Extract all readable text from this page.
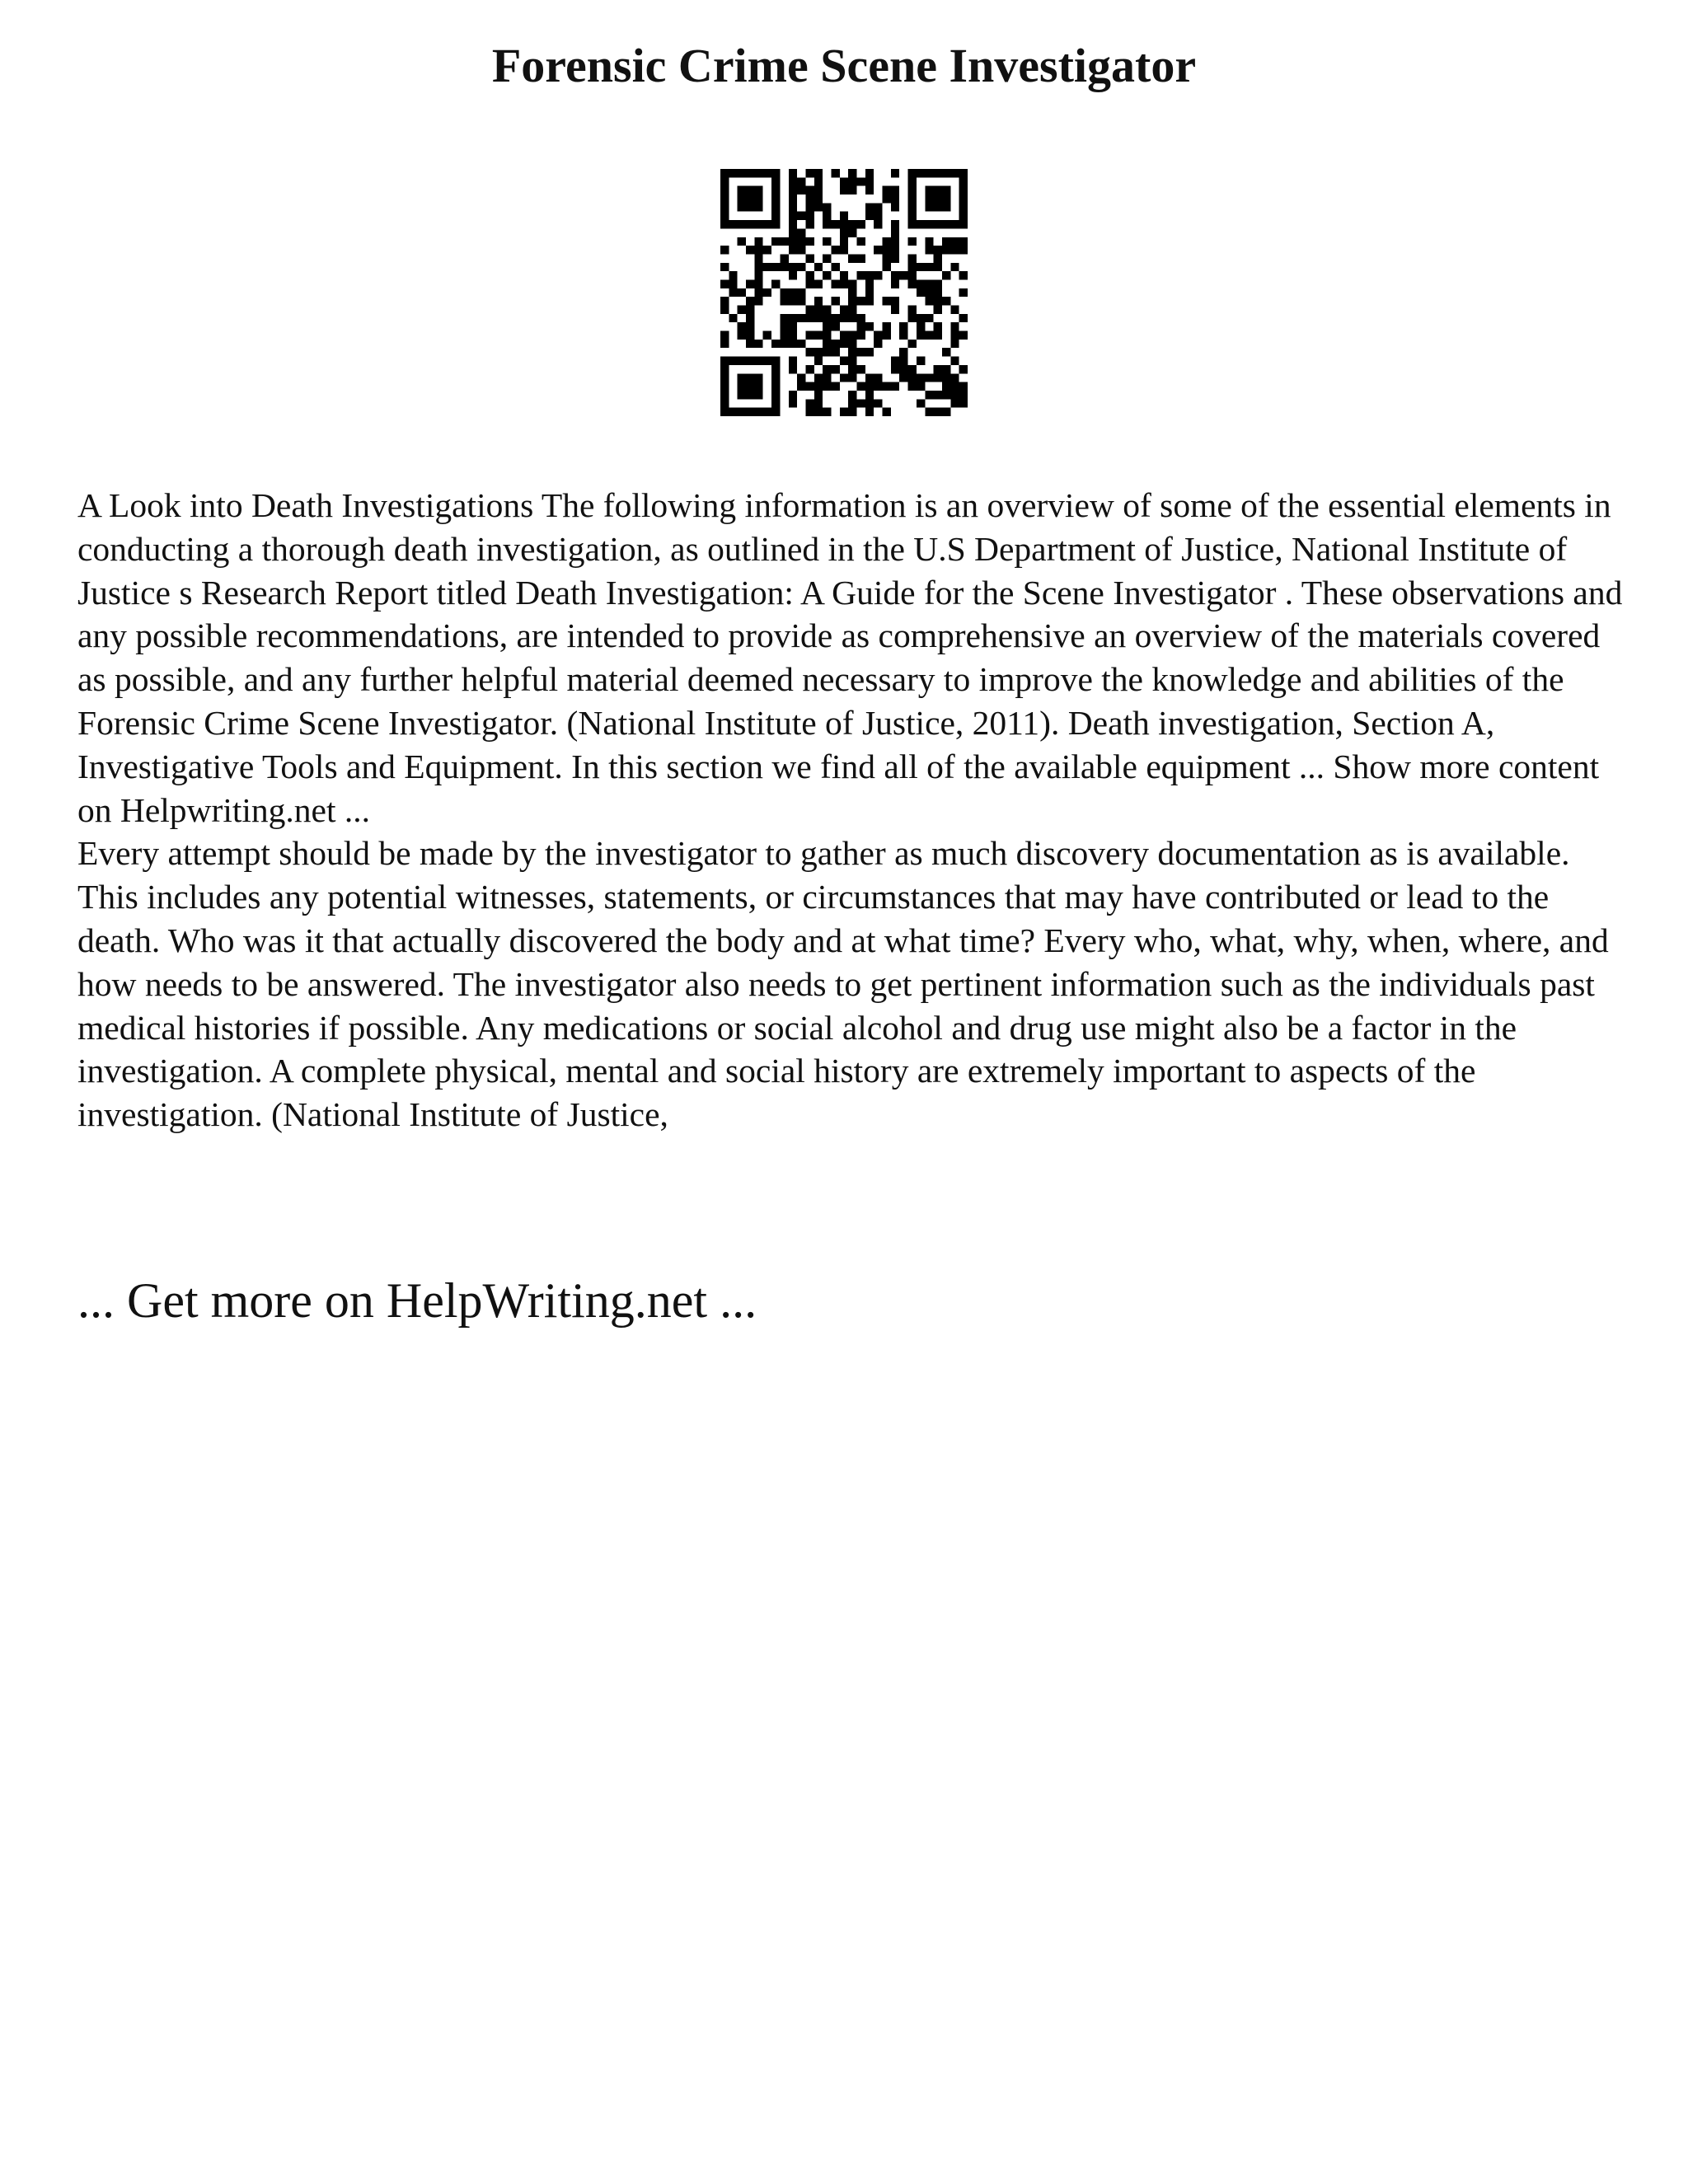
Forensic Crime Scene Investigator

A Look into Death Investigations The following information is an overview of some of the essential elements in conducting a thorough death investigation, as outlined in the U.S Department of Justice, National Institute of Justice s Research Report titled Death Investigation: A Guide for the Scene Investigator . These observations and any possible recommendations, are intended to provide as comprehensive an overview of the materials covered as possible, and any further helpful material deemed necessary to improve the knowledge and abilities of the Forensic Crime Scene Investigator. (National Institute of Justice, 2011). Death investigation, Section A, Investigative Tools and Equipment. In this section we find all of the available equipment ... Show more content on Helpwriting.net ...

Every attempt should be made by the investigator to gather as much discovery documentation as is available. This includes any potential witnesses, statements, or circumstances that may have contributed or lead to the death. Who was it that actually discovered the body and at what time? Every who, what, why, when, where, and how needs to be answered. The investigator also needs to get pertinent information such as the individuals past medical histories if possible. Any medications or social alcohol and drug use might also be a factor in the investigation. A complete physical, mental and social history are extremely important to aspects of the investigation. (National Institute of Justice,

... Get more on HelpWriting.net ...
